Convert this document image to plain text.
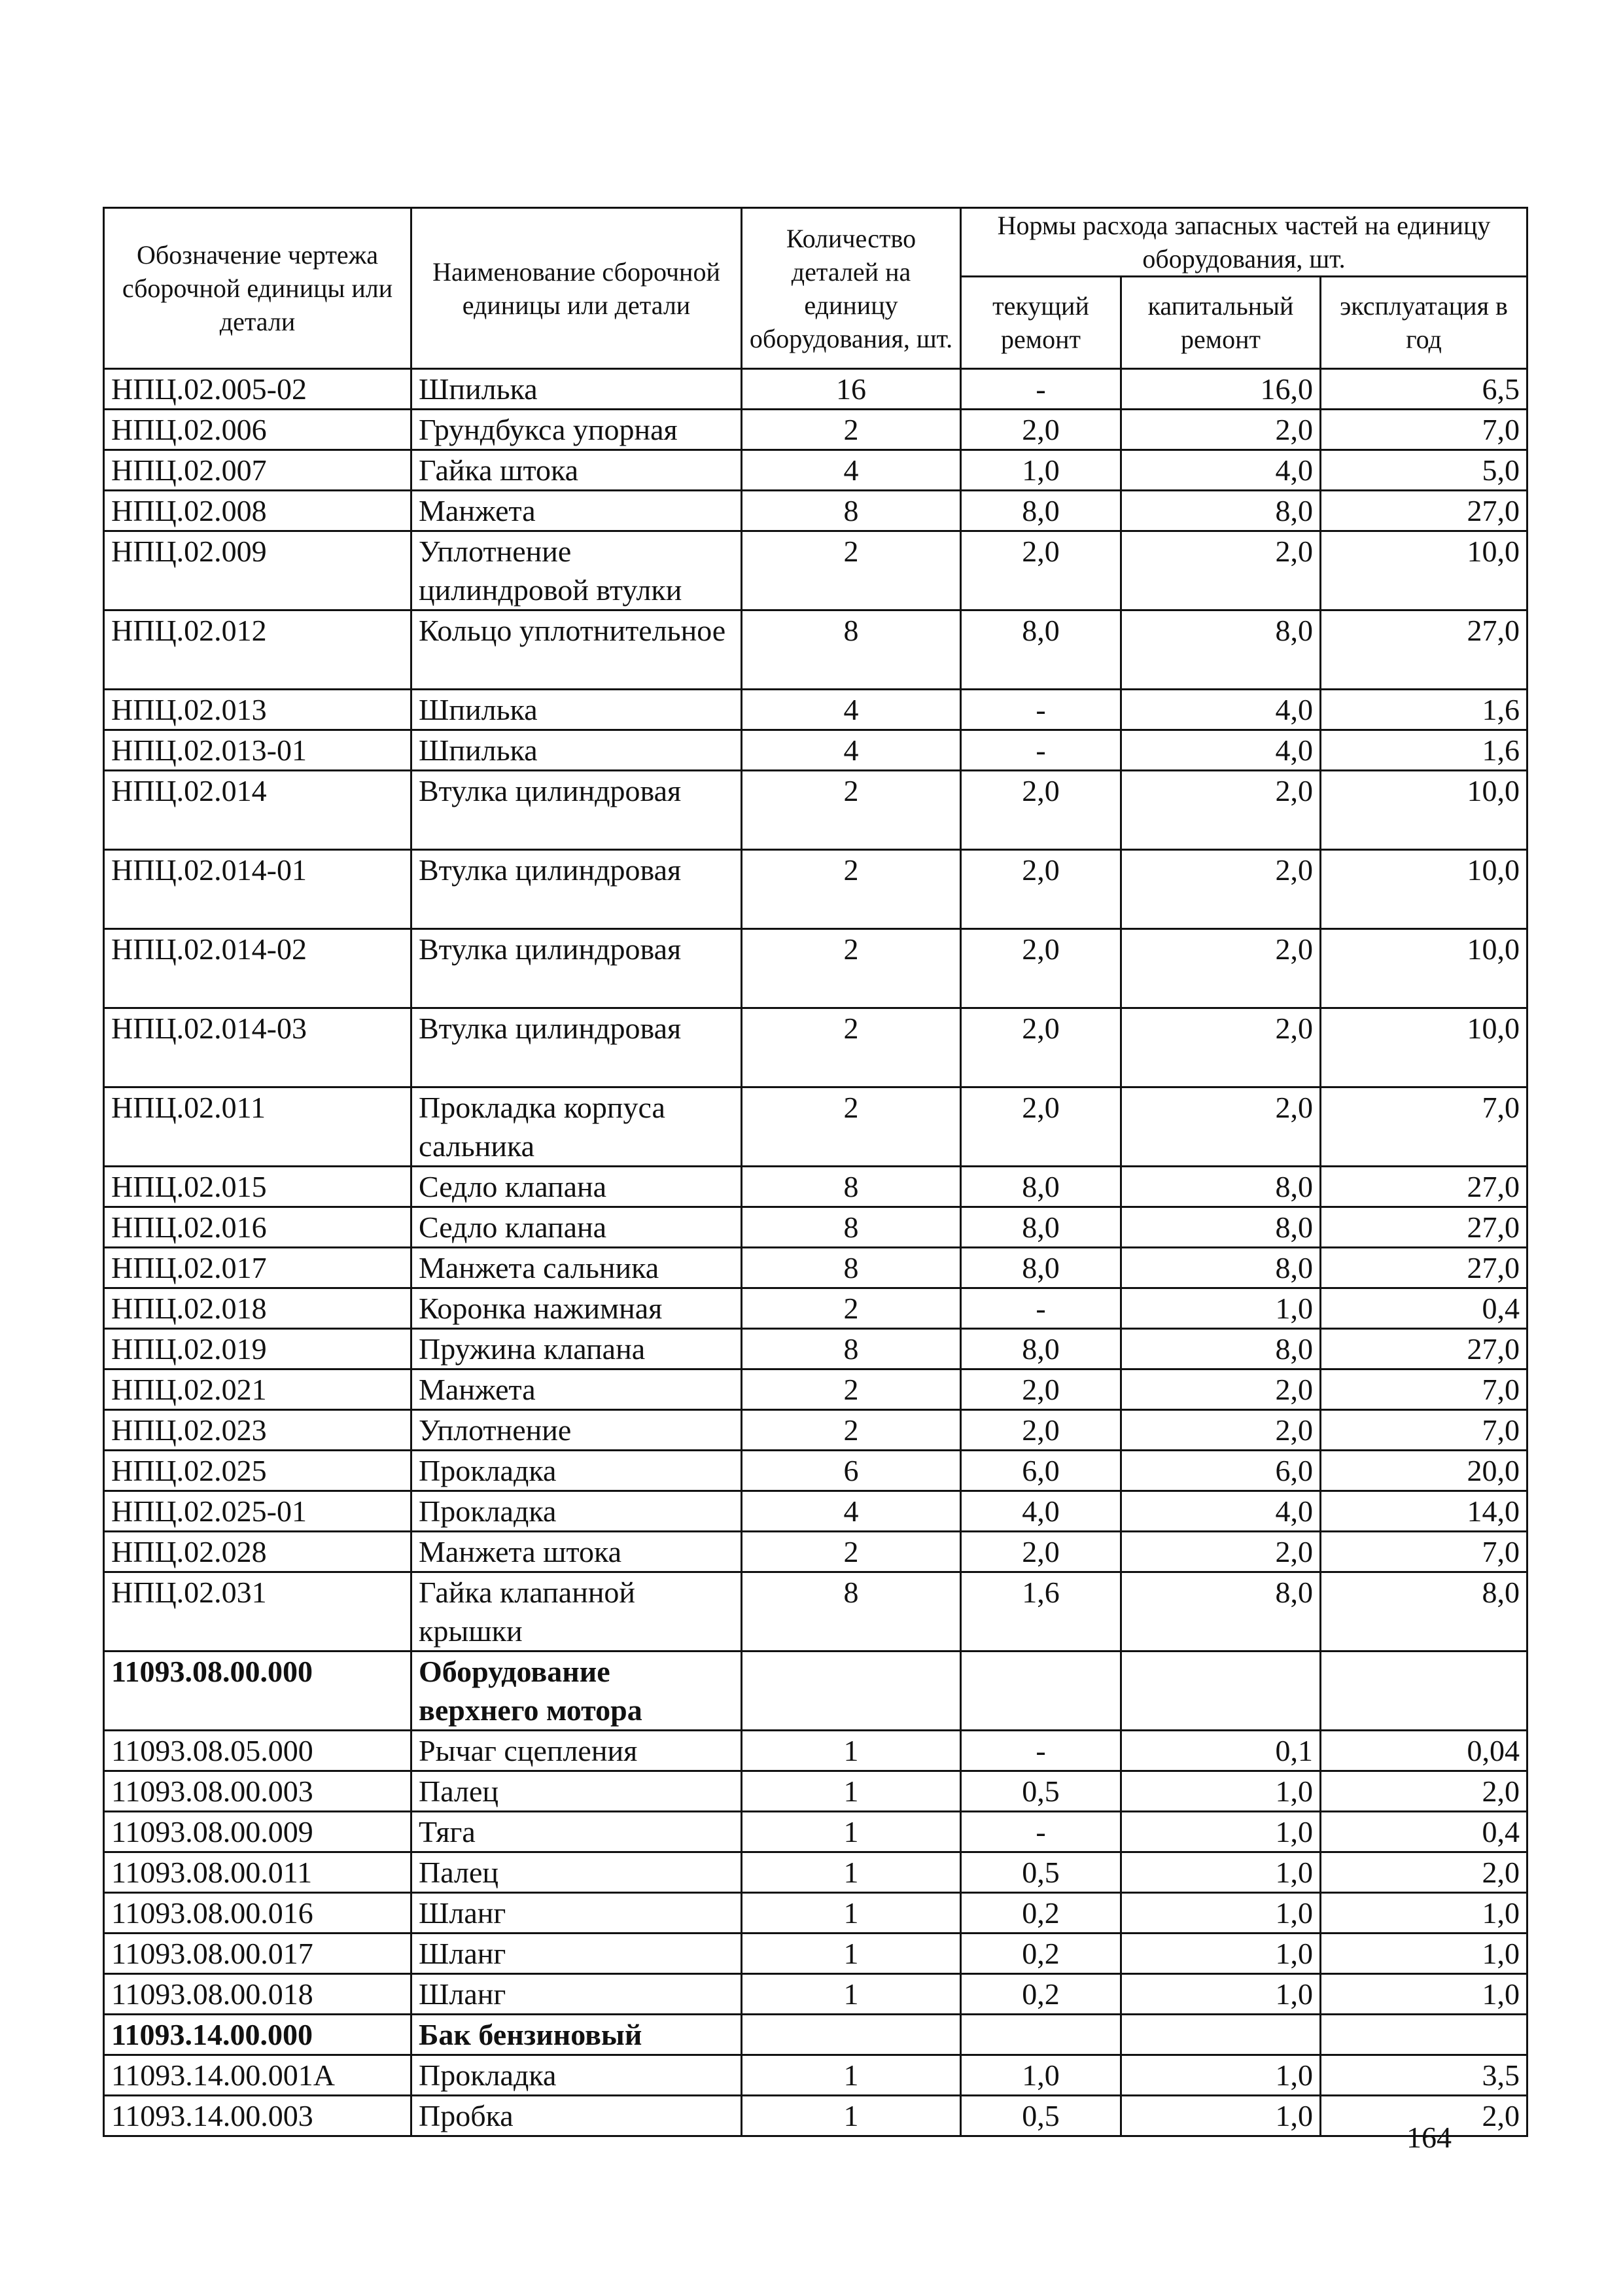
Обозначение чертежа сборочной единицы или детали	Наименование сборочной единицы или детали	Количество деталей на единицу оборудования, шт.	Нормы расхода запасных частей на единицу оборудования, шт.		
			текущий ремонт	капитальный ремонт	эксплуатация в год
НПЦ.02.005-02	Шпилька	16	-	16,0	6,5
НПЦ.02.006	Грундбукса упорная	2	2,0	2,0	7,0
НПЦ.02.007	Гайка штока	4	1,0	4,0	5,0
НПЦ.02.008	Манжета	8	8,0	8,0	27,0
НПЦ.02.009	Уплотнение цилиндровой втулки	2	2,0	2,0	10,0
НПЦ.02.012	Кольцо уплотнительное	8	8,0	8,0	27,0
НПЦ.02.013	Шпилька	4	-	4,0	1,6
НПЦ.02.013-01	Шпилька	4	-	4,0	1,6
НПЦ.02.014	Втулка цилиндровая	2	2,0	2,0	10,0
НПЦ.02.014-01	Втулка цилиндровая	2	2,0	2,0	10,0
НПЦ.02.014-02	Втулка цилиндровая	2	2,0	2,0	10,0
НПЦ.02.014-03	Втулка цилиндровая	2	2,0	2,0	10,0
НПЦ.02.011	Прокладка корпуса сальника	2	2,0	2,0	7,0
НПЦ.02.015	Седло клапана	8	8,0	8,0	27,0
НПЦ.02.016	Седло клапана	8	8,0	8,0	27,0
НПЦ.02.017	Манжета сальника	8	8,0	8,0	27,0
НПЦ.02.018	Коронка нажимная	2	-	1,0	0,4
НПЦ.02.019	Пружина клапана	8	8,0	8,0	27,0
НПЦ.02.021	Манжета	2	2,0	2,0	7,0
НПЦ.02.023	Уплотнение	2	2,0	2,0	7,0
НПЦ.02.025	Прокладка	6	6,0	6,0	20,0
НПЦ.02.025-01	Прокладка	4	4,0	4,0	14,0
НПЦ.02.028	Манжета штока	2	2,0	2,0	7,0
НПЦ.02.031	Гайка клапанной крышки	8	1,6	8,0	8,0
11093.08.00.000	Оборудование верхнего мотора				
11093.08.05.000	Рычаг сцепления	1	-	0,1	0,04
11093.08.00.003	Палец	1	0,5	1,0	2,0
11093.08.00.009	Тяга	1	-	1,0	0,4
11093.08.00.011	Палец	1	0,5	1,0	2,0
11093.08.00.016	Шланг	1	0,2	1,0	1,0
11093.08.00.017	Шланг	1	0,2	1,0	1,0
11093.08.00.018	Шланг	1	0,2	1,0	1,0
11093.14.00.000	Бак бензиновый				
11093.14.00.001А	Прокладка	1	1,0	1,0	3,5
11093.14.00.003	Пробка	1	0,5	1,0	2,0
164
